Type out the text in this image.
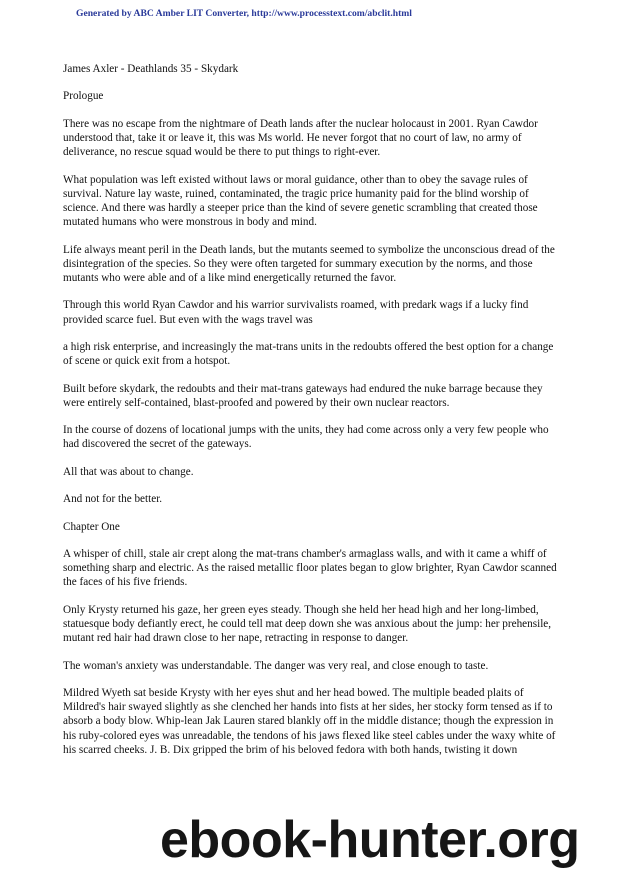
Generated by ABC Amber LIT Converter, http://www.processtext.com/abclit.html

James Axler - Deathlands 35 - Skydark

Prologue

There was no escape from the nightmare of Death lands after the nuclear holocaust in 2001. Ryan Cawdor understood that, take it or leave it, this was Ms world. He never forgot that no court of law, no army of deliverance, no rescue squad would be there to put things to right-ever.

What population was left existed without laws or moral guidance, other than to obey the savage rules of survival. Nature lay waste, ruined, contaminated, the tragic price humanity paid for the blind worship of science. And there was hardly a steeper price than the kind of severe genetic scrambling that created those mutated humans who were monstrous in body and mind.

Life always meant peril in the Death lands, but the mutants seemed to symbolize the unconscious dread of the disintegration of the species. So they were often targeted for summary execution by the norms, and those mutants who were able and of a like mind energetically returned the favor.

Through this world Ryan Cawdor and his warrior survivalists roamed, with predark wags if a lucky find provided scarce fuel. But even with the wags travel was

a high risk enterprise, and increasingly the mat-trans units in the redoubts offered the best option for a change of scene or quick exit from a hotspot.

Built before skydark, the redoubts and their mat-trans gateways had endured the nuke barrage because they were entirely self-contained, blast-proofed and powered by their own nuclear reactors.

In the course of dozens of locational jumps with the units, they had come across only a very few people who had discovered the secret of the gateways.

All that was about to change.

And not for the better.

Chapter One

A whisper of chill, stale air crept along the mat-trans chamber's armaglass walls, and with it came a whiff of something sharp and electric. As the raised metallic floor plates began to glow brighter, Ryan Cawdor scanned the faces of his five friends.

Only Krysty returned his gaze, her green eyes steady. Though she held her head high and her long-limbed, statuesque body defiantly erect, he could tell mat deep down she was anxious about the jump: her prehensile, mutant red hair had drawn close to her nape, retracting in response to danger.

The woman's anxiety was understandable. The danger was very real, and close enough to taste.

Mildred Wyeth sat beside Krysty with her eyes shut and her head bowed. The multiple beaded plaits of Mildred's hair swayed slightly as she clenched her hands into fists at her sides, her stocky form tensed as if to absorb a body blow. Whip-lean Jak Lauren stared blankly off in the middle distance; though the expression in his ruby-colored eyes was unreadable, the tendons of his jaws flexed like steel cables under the waxy white of his scarred cheeks. J. B. Dix gripped the brim of his beloved fedora with both hands, twisting it down

ebook-hunter.org
